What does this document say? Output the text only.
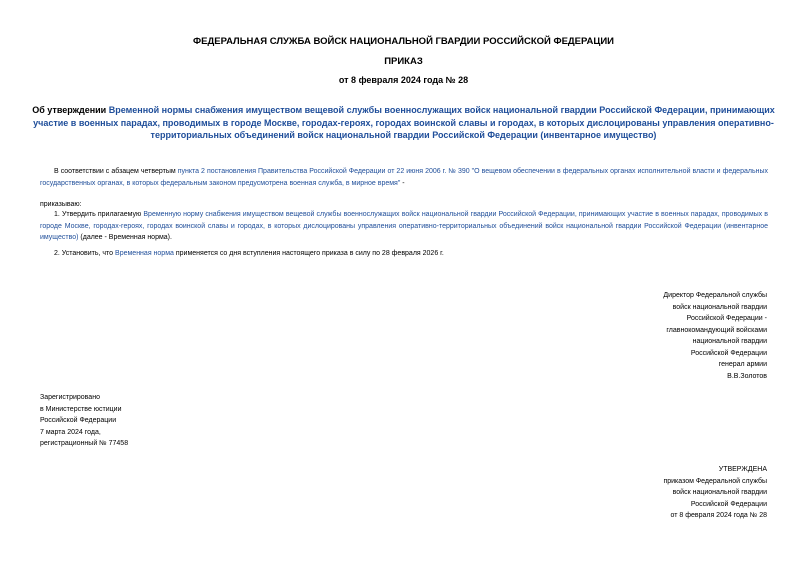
ФЕДЕРАЛЬНАЯ СЛУЖБА ВОЙСК НАЦИОНАЛЬНОЙ ГВАРДИИ РОССИЙСКОЙ ФЕДЕРАЦИИ
ПРИКАЗ
от 8 февраля 2024 года № 28
Об утверждении Временной нормы снабжения имуществом вещевой службы военнослужащих войск национальной гвардии Российской Федерации, принимающих участие в военных парадах, проводимых в городе Москве, городах-героях, городах воинской славы и городах, в которых дислоцированы управления оперативно-территориальных объединений войск национальной гвардии Российской Федерации (инвентарное имущество)
В соответствии с абзацем четвертым пункта 2 постановления Правительства Российской Федерации от 22 июня 2006 г. № 390 "О вещевом обеспечении в федеральных органах исполнительной власти и федеральных государственных органах, в которых федеральным законом предусмотрена военная служба, в мирное время" -
приказываю:
1. Утвердить прилагаемую Временную норму снабжения имуществом вещевой службы военнослужащих войск национальной гвардии Российской Федерации, принимающих участие в военных парадах, проводимых в городе Москве, городах-героях, городах воинской славы и городах, в которых дислоцированы управления оперативно-территориальных объединений войск национальной гвардии Российской Федерации (инвентарное имущество) (далее - Временная норма).
2. Установить, что Временная норма применяется со дня вступления настоящего приказа в силу по 28 февраля 2026 г.
Директор Федеральной службы
войск национальной гвардии
Российской Федерации -
главнокомандующий войсками
национальной гвардии
Российской Федерации
генерал армии
В.В.Золотов
Зарегистрировано
в Министерстве юстиции
Российской Федерации
7 марта 2024 года,
регистрационный № 77458
УТВЕРЖДЕНА
приказом Федеральной службы
войск национальной гвардии
Российской Федерации
от 8 февраля 2024 года № 28
